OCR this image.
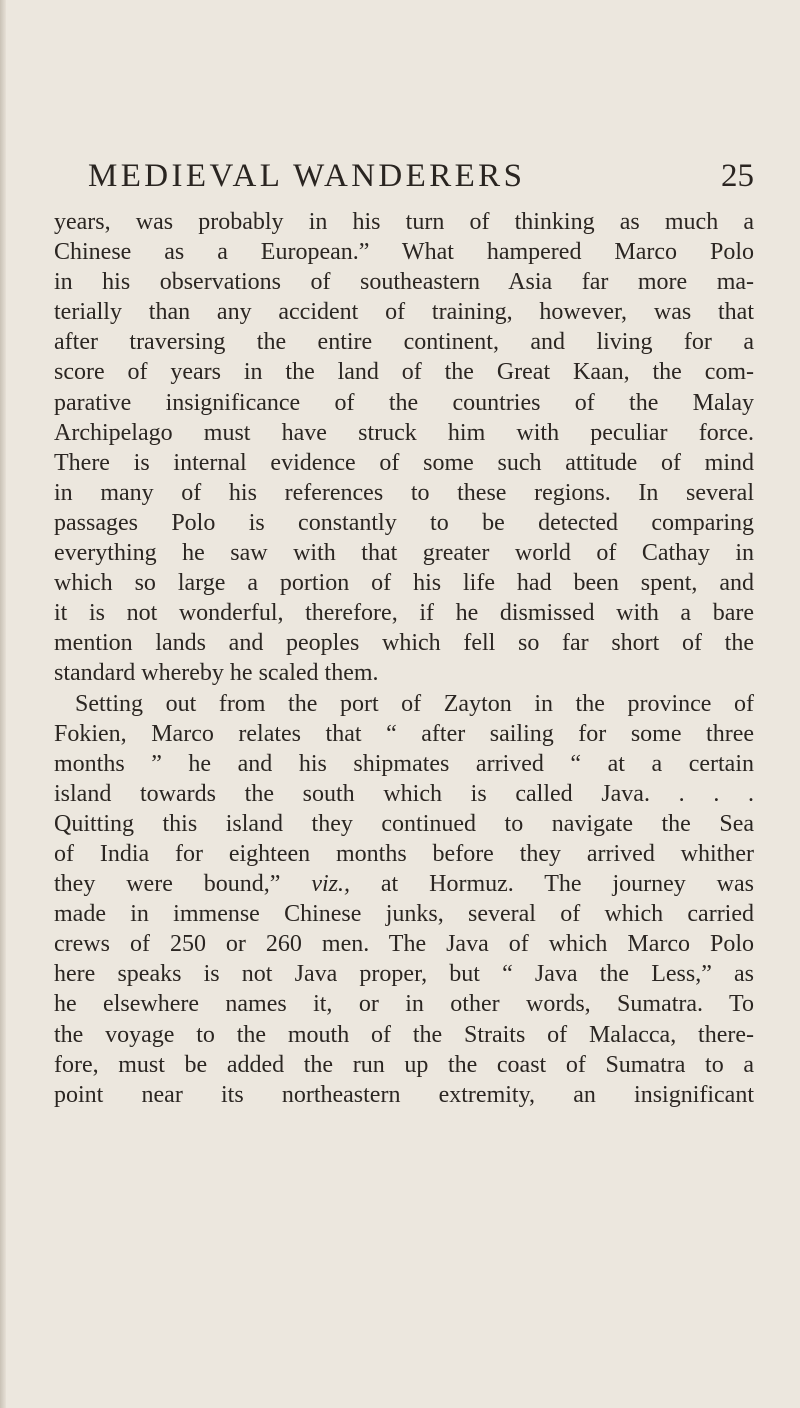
MEDIEVAL WANDERERS	25
years, was probably in his turn of thinking as much a
Chinese as a European.” What hampered Marco Polo
in his observations of southeastern Asia far more ma-
terially than any accident of training, however, was that
after traversing the entire continent, and living for a
score of years in the land of the Great Kaan, the com-
parative insignificance of the countries of the Malay
Archipelago must have struck him with peculiar force.
There is internal evidence of some such attitude of mind
in many of his references to these regions. In several
passages Polo is constantly to be detected comparing
everything he saw with that greater world of Cathay in
which so large a portion of his life had been spent, and
it is not wonderful, therefore, if he dismissed with a bare
mention lands and peoples which fell so far short of the
standard whereby he scaled them.
Setting out from the port of Zayton in the province of
Fokien, Marco relates that “ after sailing for some three
months ” he and his shipmates arrived “ at a certain
island towards the south which is called Java. . . .
Quitting this island they continued to navigate the Sea
of India for eighteen months before they arrived whither
they were bound,” viz., at Hormuz. The journey was
made in immense Chinese junks, several of which carried
crews of 250 or 260 men. The Java of which Marco Polo
here speaks is not Java proper, but “ Java the Less,” as
he elsewhere names it, or in other words, Sumatra. To
the voyage to the mouth of the Straits of Malacca, there-
fore, must be added the run up the coast of Sumatra to a
point near its northeastern extremity, an insignificant
